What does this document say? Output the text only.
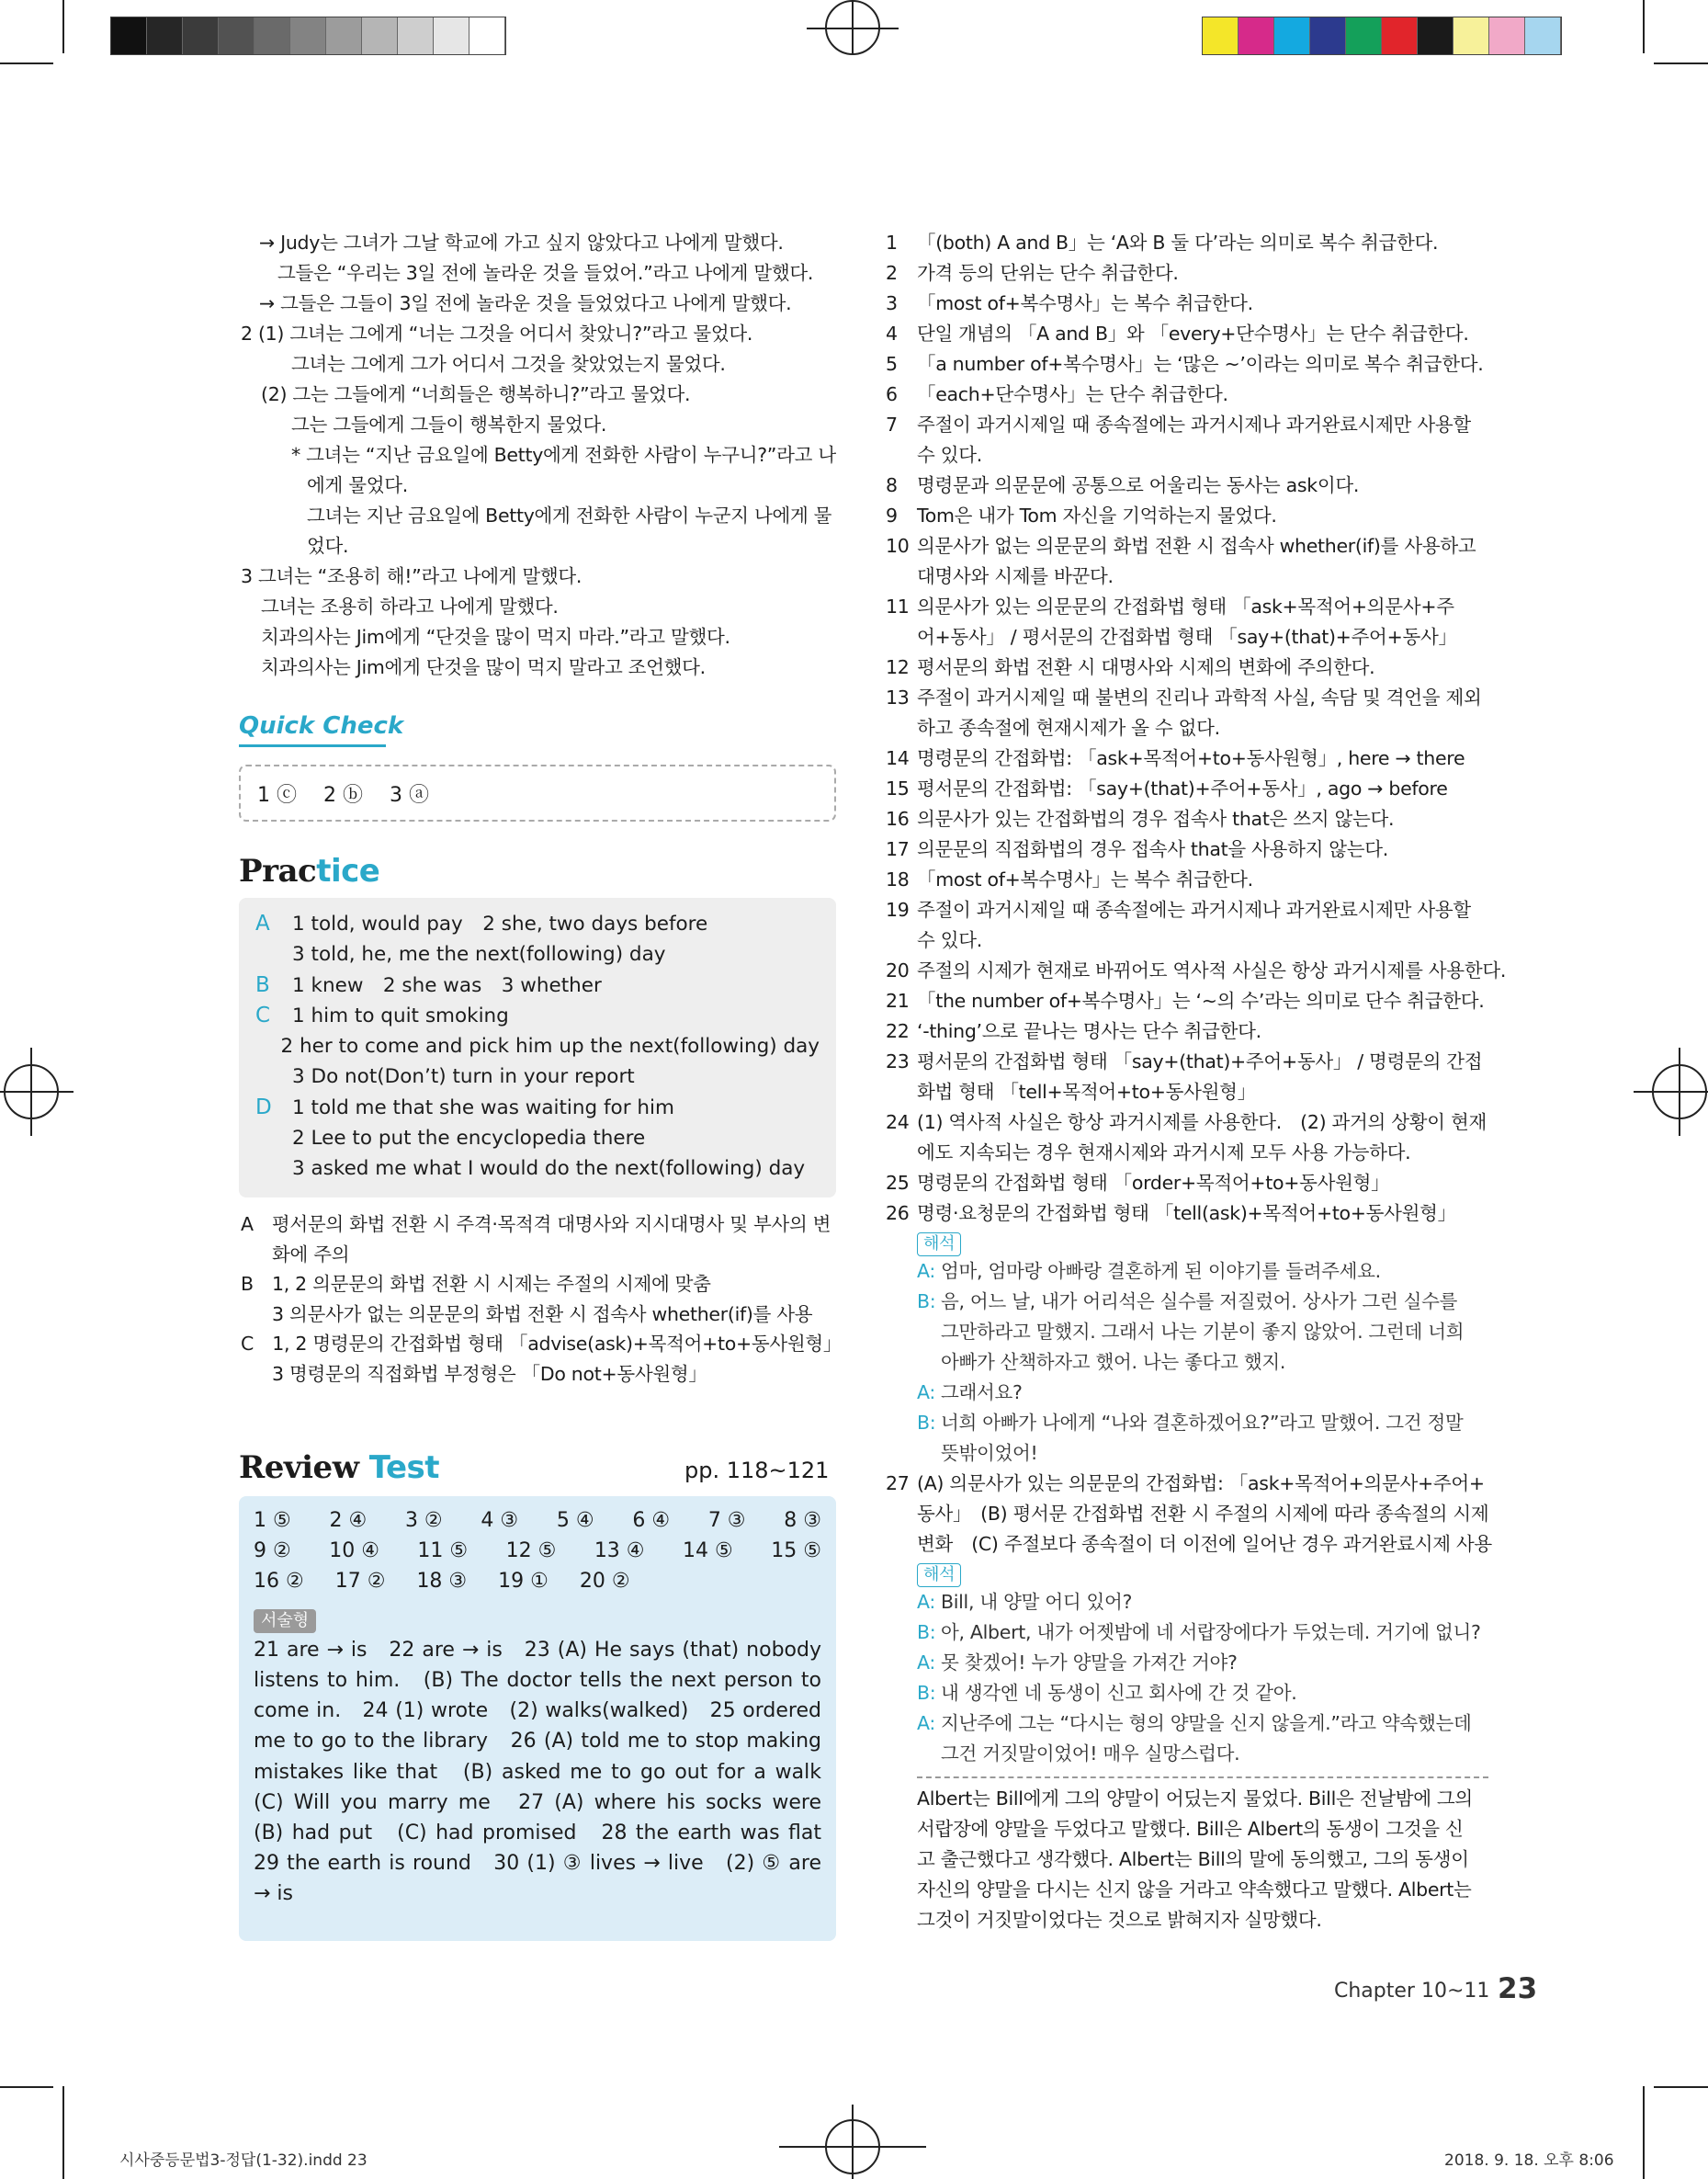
→ Judy는 그녀가 그날 학교에 가고 싶지 않았다고 나에게 말했다.
그들은 “우리는 3일 전에 놀라운 것을 들었어.”라고 나에게 말했다.
→ 그들은 그들이 3일 전에 놀라운 것을 들었었다고 나에게 말했다.
2 (1) 그녀는 그에게 “너는 그것을 어디서 찾았니?”라고 물었다.
그녀는 그에게 그가 어디서 그것을 찾았었는지 물었다.
(2) 그는 그들에게 “너희들은 행복하니?”라고 물었다.
그는 그들에게 그들이 행복한지 물었다.
* 그녀는 “지난 금요일에 Betty에게 전화한 사람이 누구니?”라고 나
에게 물었다.
그녀는 지난 금요일에 Betty에게 전화한 사람이 누군지 나에게 물
었다.
3 그녀는 “조용히 해!”라고 나에게 말했다.
그녀는 조용히 하라고 나에게 말했다.
치과의사는 Jim에게 “단것을 많이 먹지 마라.”라고 말했다.
치과의사는 Jim에게 단것을 많이 먹지 말라고 조언했다.
Quick Check
1 ⓒ　 2 ⓑ　 3 ⓐ
Practice
A	1 told, would pay　2 she, two days before
3 told, he, me the next(following) day
B	1 knew　2 she was　3 whether
C	1 him to quit smoking
2 her to come and pick him up the next(following) day
3 Do not(Don’t) turn in your report
D	1 told me that she was waiting for him
2 Lee to put the encyclopedia there
3 asked me what I would do the next(following) day
A　평서문의 화법 전환 시 주격·목적격 대명사와 지시대명사 및 부사의 변
화에 주의
B　1, 2 의문문의 화법 전환 시 시제는 주절의 시제에 맞춤
3 의문사가 없는 의문문의 화법 전환 시 접속사 whether(if)를 사용
C　1, 2 명령문의 간접화법 형태 「advise(ask)+목적어+to+동사원형」
3 명령문의 직접화법 부정형은 「Do not+동사원형」
Review Test	pp. 118~121
1 ⑤ 2 ④ 3 ② 4 ③ 5 ④ 6 ④ 7 ③ 8 ③
9 ② 10 ④ 11 ⑤ 12 ⑤ 13 ④ 14 ⑤ 15 ⑤
16 ② 17 ② 18 ③ 19 ① 20 ②
서술형
21 are → is　22 are → is　23 (A) He says (that) nobody
listens to him.　(B) The doctor tells the next person to
come in.　24 (1) wrote　(2) walks(walked)　25 ordered
me to go to the library　26 (A) told me to stop making
mistakes like that　(B) asked me to go out for a walk
(C) Will you marry me　27 (A) where his socks were
(B) had put　(C) had promised　28 the earth was flat
29 the earth is round　30 (1) ③ lives → live　(2) ⑤ are
→ is
1	「(both) A and B」는 ‘A와 B 둘 다’라는 의미로 복수 취급한다.
2	가격 등의 단위는 단수 취급한다.
3	「most of+복수명사」는 복수 취급한다.
4	단일 개념의 「A and B」와 「every+단수명사」는 단수 취급한다.
5	「a number of+복수명사」는 ‘많은 ~’이라는 의미로 복수 취급한다.
6	「each+단수명사」는 단수 취급한다.
7	주절이 과거시제일 때 종속절에는 과거시제나 과거완료시제만 사용할
수 있다.
8	명령문과 의문문에 공통으로 어울리는 동사는 ask이다.
9	Tom은 내가 Tom 자신을 기억하는지 물었다.
10 의문사가 없는 의문문의 화법 전환 시 접속사 whether(if)를 사용하고
대명사와 시제를 바꾼다.
11 의문사가 있는 의문문의 간접화법 형태 「ask+목적어+의문사+주
어+동사」 / 평서문의 간접화법 형태 「say+(that)+주어+동사」
12 평서문의 화법 전환 시 대명사와 시제의 변화에 주의한다.
13 주절이 과거시제일 때 불변의 진리나 과학적 사실, 속담 및 격언을 제외
하고 종속절에 현재시제가 올 수 없다.
14 명령문의 간접화법: 「ask+목적어+to+동사원형」, here → there
15 평서문의 간접화법: 「say+(that)+주어+동사」, ago → before
16 의문사가 있는 간접화법의 경우 접속사 that은 쓰지 않는다.
17 의문문의 직접화법의 경우 접속사 that을 사용하지 않는다.
18 「most of+복수명사」는 복수 취급한다.
19 주절이 과거시제일 때 종속절에는 과거시제나 과거완료시제만 사용할
수 있다.
20 주절의 시제가 현재로 바뀌어도 역사적 사실은 항상 과거시제를 사용한다.
21 「the number of+복수명사」는 ‘~의 수’라는 의미로 단수 취급한다.
22 ‘-thing’으로 끝나는 명사는 단수 취급한다.
23 평서문의 간접화법 형태 「say+(that)+주어+동사」 / 명령문의 간접
화법 형태 「tell+목적어+to+동사원형」
24 (1) 역사적 사실은 항상 과거시제를 사용한다.　(2) 과거의 상황이 현재
에도 지속되는 경우 현재시제와 과거시제 모두 사용 가능하다.
25 명령문의 간접화법 형태 「order+목적어+to+동사원형」
26 명령·요청문의 간접화법 형태 「tell(ask)+목적어+to+동사원형」
해석
A: 엄마, 엄마랑 아빠랑 결혼하게 된 이야기를 들려주세요.
B: 음, 어느 날, 내가 어리석은 실수를 저질렀어. 상사가 그런 실수를
그만하라고 말했지. 그래서 나는 기분이 좋지 않았어. 그런데 너희
아빠가 산책하자고 했어. 나는 좋다고 했지.
A: 그래서요?
B: 너희 아빠가 나에게 “나와 결혼하겠어요?”라고 말했어. 그건 정말
뜻밖이었어!
27 (A) 의문사가 있는 의문문의 간접화법: 「ask+목적어+의문사+주어+
동사」　(B) 평서문 간접화법 전환 시 주절의 시제에 따라 종속절의 시제
변화　(C) 주절보다 종속절이 더 이전에 일어난 경우 과거완료시제 사용
해석
A: Bill, 내 양말 어디 있어?
B: 아, Albert, 내가 어젯밤에 네 서랍장에다가 두었는데. 거기에 없니?
A: 못 찾겠어! 누가 양말을 가져간 거야?
B: 내 생각엔 네 동생이 신고 회사에 간 것 같아.
A: 지난주에 그는 “다시는 형의 양말을 신지 않을게.”라고 약속했는데
그건 거짓말이었어! 매우 실망스럽다.
Albert는 Bill에게 그의 양말이 어딨는지 물었다. Bill은 전날밤에 그의
서랍장에 양말을 두었다고 말했다. Bill은 Albert의 동생이 그것을 신
고 출근했다고 생각했다. Albert는 Bill의 말에 동의했고, 그의 동생이
자신의 양말을 다시는 신지 않을 거라고 약속했다고 말했다. Albert는
그것이 거짓말이었다는 것으로 밝혀지자 실망했다.
Chapter 10~11 23
시사중등문법3-정답(1-32).indd 23	2018. 9. 18. 오후 8:06
